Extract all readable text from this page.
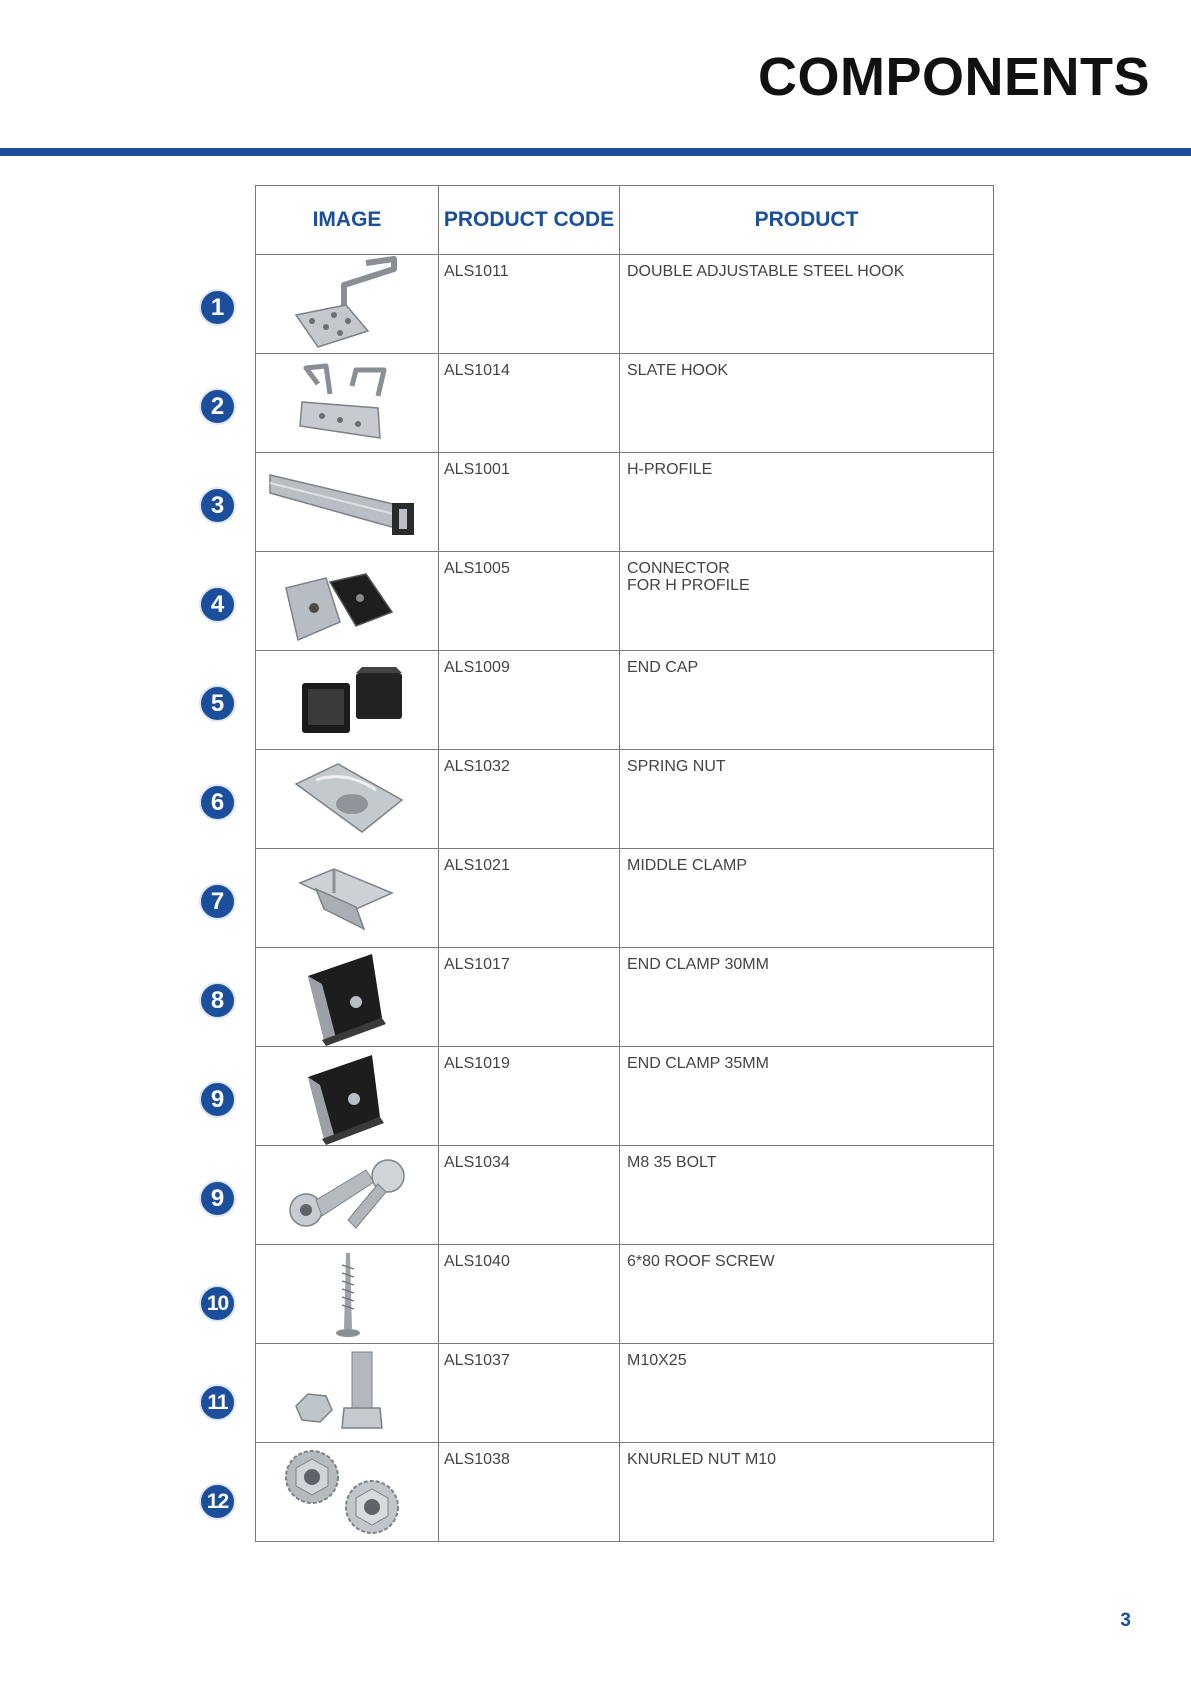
COMPONENTS
1
2
3
4
5
6
7
8
9
9
10
11
12
IMAGE	PRODUCT CODE	PRODUCT

	ALS1011	DOUBLE ADJUSTABLE STEEL HOOK

	ALS1014	SLATE HOOK

	ALS1001	H-PROFILE

	ALS1005	CONNECTOR
FOR H PROFILE

	ALS1009	END CAP

	ALS1032	SPRING NUT

	ALS1021	MIDDLE CLAMP

	ALS1017	END CLAMP 30MM

	ALS1019	END CLAMP 35MM

	ALS1034	M8 35 BOLT

	ALS1040	6*80 ROOF SCREW

	ALS1037	M10X25

	ALS1038	KNURLED NUT M10
3
